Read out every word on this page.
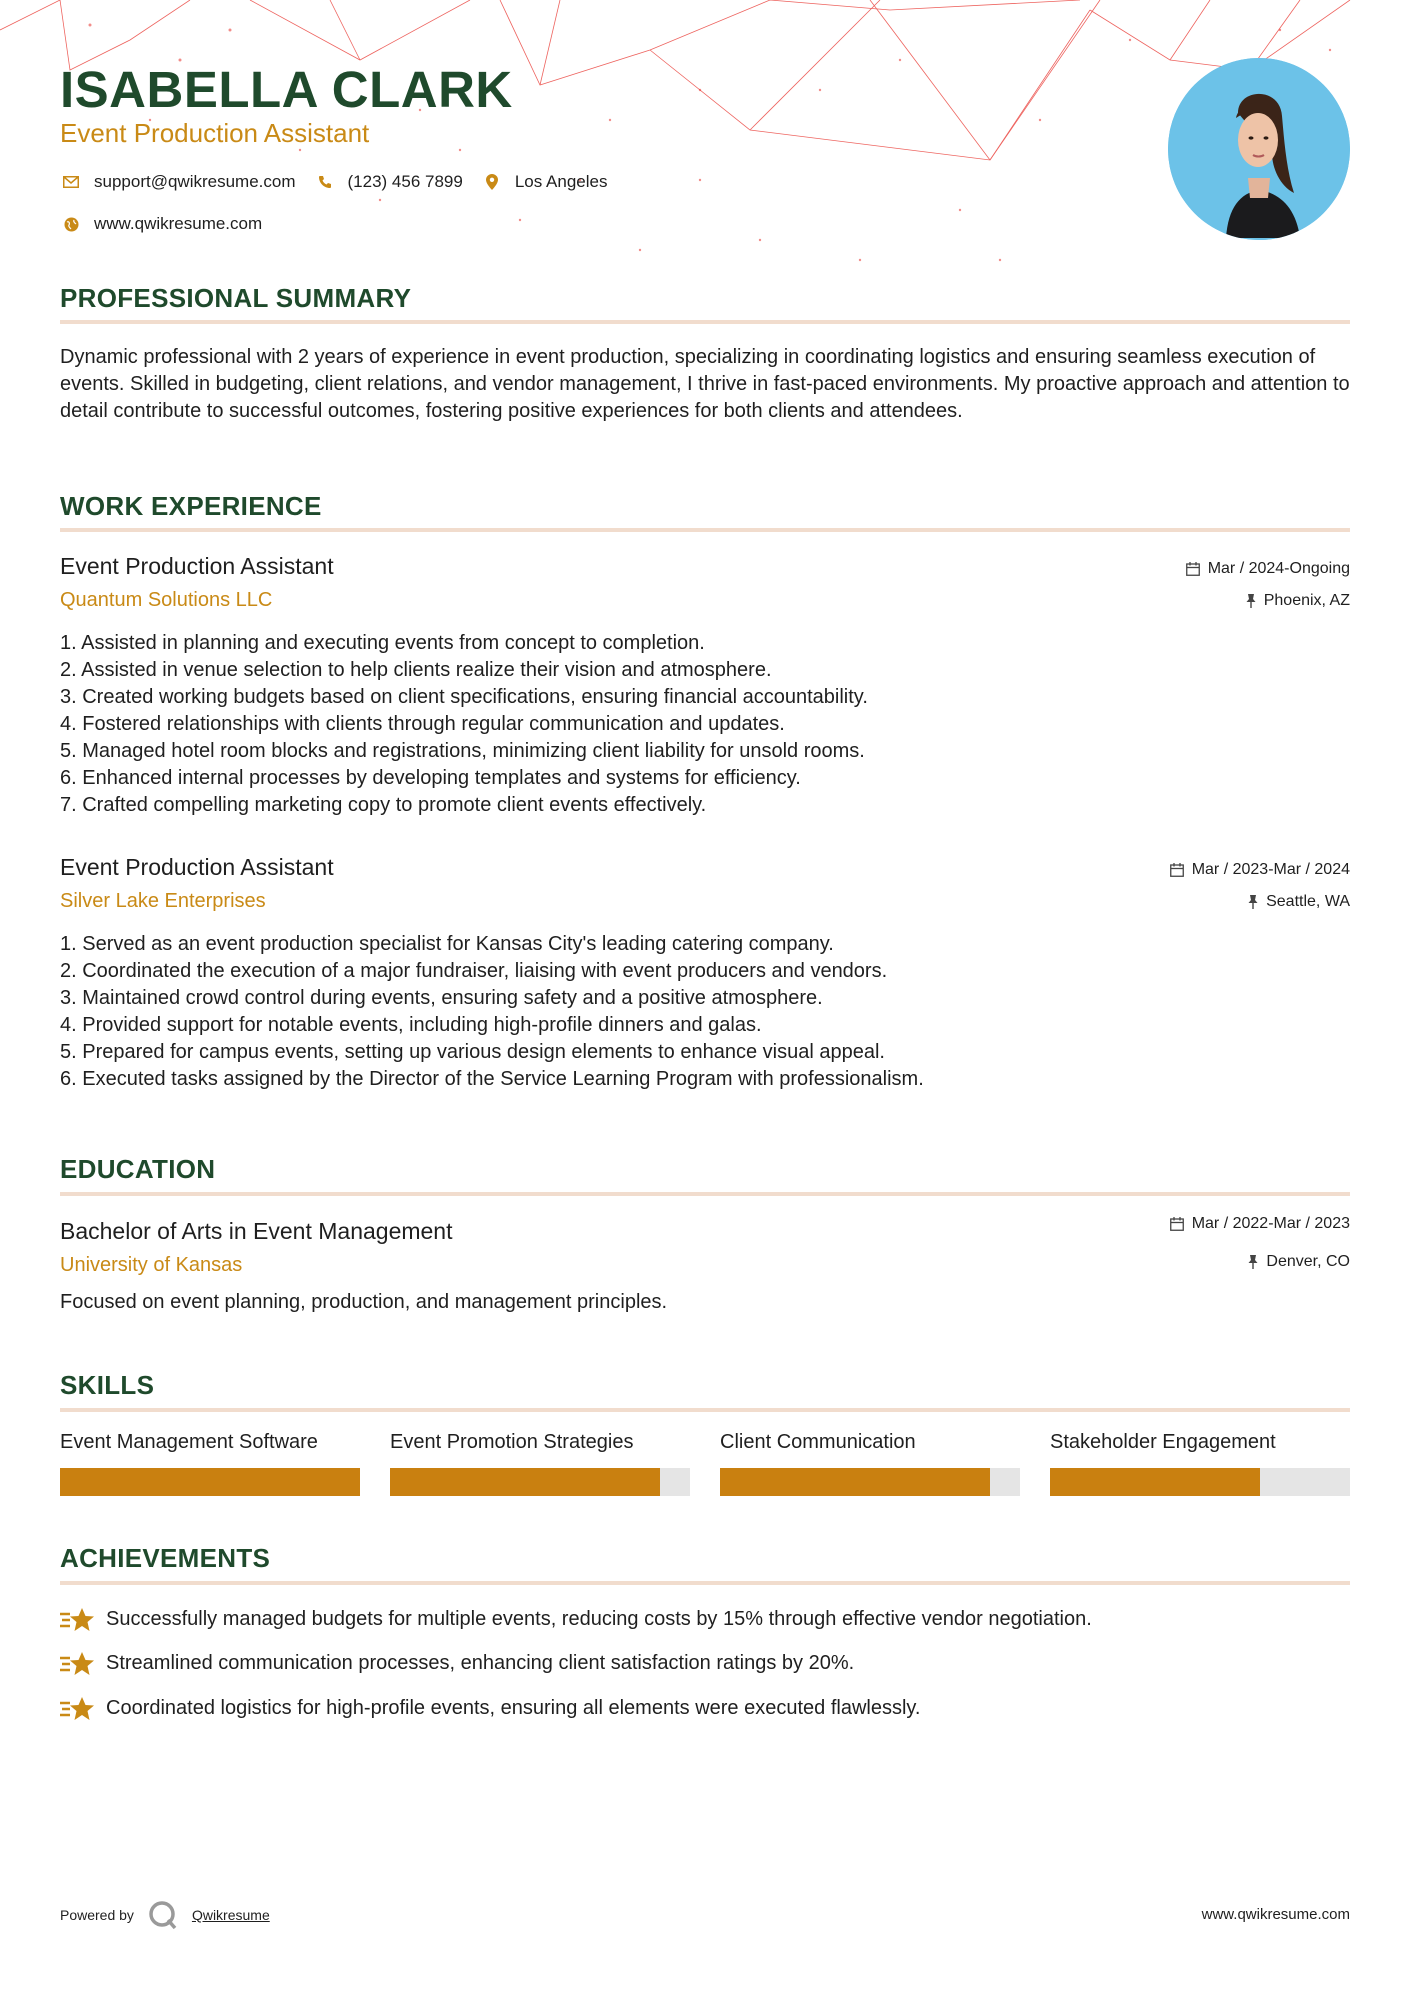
ISABELLA CLARK
Event Production Assistant
support@qwikresume.com	(123) 456 7899	Los Angeles
www.qwikresume.com
PROFESSIONAL SUMMARY
Dynamic professional with 2 years of experience in event production, specializing in coordinating logistics and ensuring seamless execution of events. Skilled in budgeting, client relations, and vendor management, I thrive in fast-paced environments. My proactive approach and attention to detail contribute to successful outcomes, fostering positive experiences for both clients and attendees.
WORK EXPERIENCE
Event Production Assistant
Quantum Solutions LLC
Mar / 2024-Ongoing
Phoenix, AZ
1. Assisted in planning and executing events from concept to completion.
2. Assisted in venue selection to help clients realize their vision and atmosphere.
3. Created working budgets based on client specifications, ensuring financial accountability.
4. Fostered relationships with clients through regular communication and updates.
5. Managed hotel room blocks and registrations, minimizing client liability for unsold rooms.
6. Enhanced internal processes by developing templates and systems for efficiency.
7. Crafted compelling marketing copy to promote client events effectively.
Event Production Assistant
Silver Lake Enterprises
Mar / 2023-Mar / 2024
Seattle, WA
1. Served as an event production specialist for Kansas City's leading catering company.
2. Coordinated the execution of a major fundraiser, liaising with event producers and vendors.
3. Maintained crowd control during events, ensuring safety and a positive atmosphere.
4. Provided support for notable events, including high-profile dinners and galas.
5. Prepared for campus events, setting up various design elements to enhance visual appeal.
6. Executed tasks assigned by the Director of the Service Learning Program with professionalism.
EDUCATION
Bachelor of Arts in Event Management
University of Kansas
Mar / 2022-Mar / 2023
Denver, CO
Focused on event planning, production, and management principles.
SKILLS
Event Management Software	Event Promotion Strategies	Client Communication	Stakeholder Engagement
ACHIEVEMENTS
Successfully managed budgets for multiple events, reducing costs by 15% through effective vendor negotiation.
Streamlined communication processes, enhancing client satisfaction ratings by 20%.
Coordinated logistics for high-profile events, ensuring all elements were executed flawlessly.
Powered by	Qwikresume	www.qwikresume.com
